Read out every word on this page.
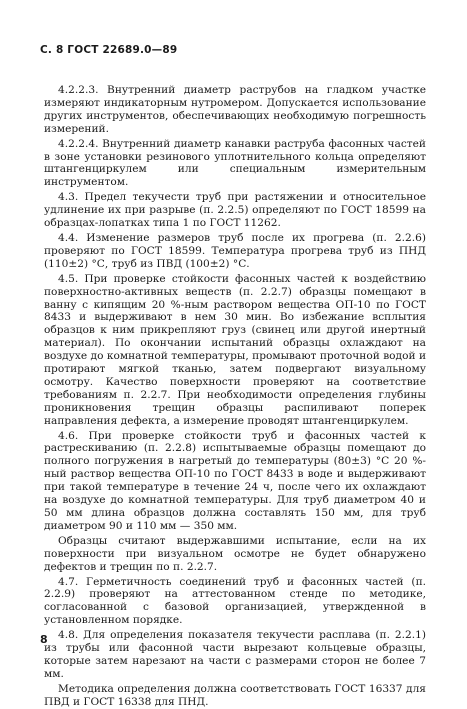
С. 8 ГОСТ 22689.0—89

4.2.2.3. Внутренний диаметр раструбов на гладком участке измеряют индикаторным нутромером. Допускается использование других инструментов, обеспечивающих необходимую погрешность измерений.

4.2.2.4. Внутренний диаметр канавки раструба фасонных частей в зоне установки резинового уплотнительного кольца определяют штангенциркулем или специальным измерительным инструментом.

4.3. Предел текучести труб при растяжении и относительное удлинение их при разрыве (п. 2.2.5) определяют по ГОСТ 18599 на образцах-лопатках типа 1 по ГОСТ 11262.

4.4. Изменение размеров труб после их прогрева (п. 2.2.6) проверяют по ГОСТ 18599. Температура прогрева труб из ПНД (110±2) °С, труб из ПВД (100±2) °С.

4.5. При проверке стойкости фасонных частей к воздействию поверхностно-активных веществ (п. 2.2.7) образцы помещают в ванну с кипящим 20 %-ным раствором вещества ОП-10 по ГОСТ 8433 и выдерживают в нем 30 мин. Во избежание всплытия образцов к ним прикрепляют груз (свинец или другой инертный материал). По окончании испытаний образцы охлаждают на воздухе до комнатной температуры, промывают проточной водой и протирают мягкой тканью, затем подвергают визуальному осмотру. Качество поверхности проверяют на соответствие требованиям п. 2.2.7. При необходимости определения глубины проникновения трещин образцы распиливают поперек направления дефекта, а измерение проводят штангенциркулем.

4.6. При проверке стойкости труб и фасонных частей к растрескиванию (п. 2.2.8) испытываемые образцы помещают до полного погружения в нагретый до температуры (80±3) °С 20 %-ный раствор вещества ОП-10 по ГОСТ 8433 в воде и выдерживают при такой температуре в течение 24 ч, после чего их охлаждают на воздухе до комнатной температуры. Для труб диаметром 40 и 50 мм длина образцов должна составлять 150 мм, для труб диаметром 90 и 110 мм — 350 мм.

Образцы считают выдержавшими испытание, если на их поверхности при визуальном осмотре не будет обнаружено дефектов и трещин по п. 2.2.7.

4.7. Герметичность соединений труб и фасонных частей (п. 2.2.9) проверяют на аттестованном стенде по методике, согласованной с базовой организацией, утвержденной в установленном порядке.

4.8. Для определения показателя текучести расплава (п. 2.2.1) из трубы или фасонной части вырезают кольцевые образцы, которые затем нарезают на части с размерами сторон не более 7 мм.

Методика определения должна соответствовать ГОСТ 16337 для ПВД и ГОСТ 16338 для ПНД.

8
